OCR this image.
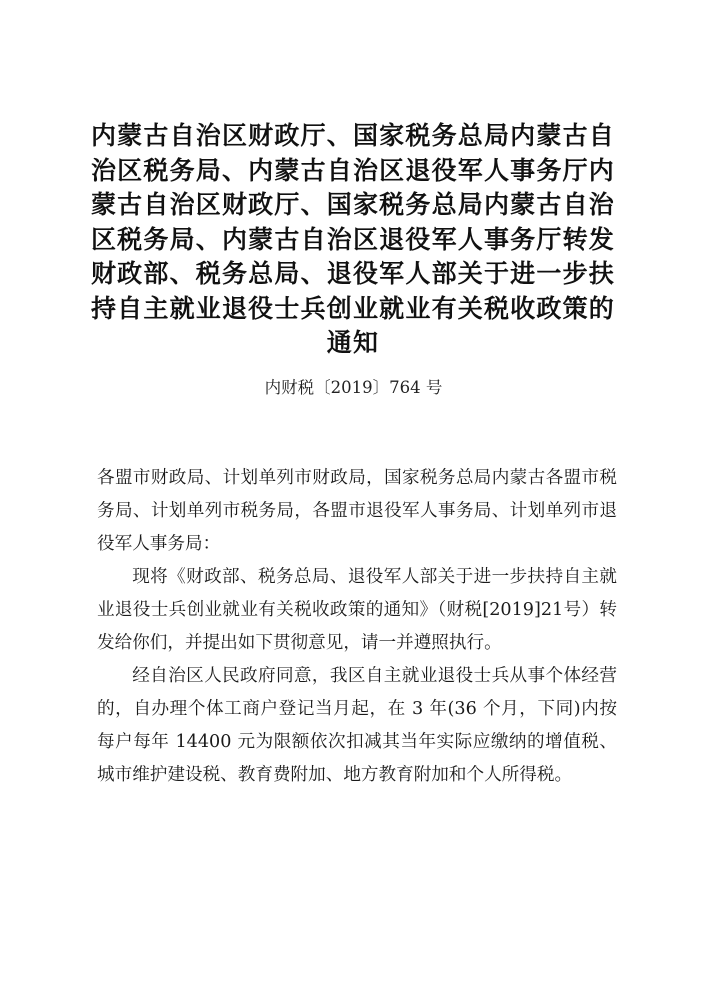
内蒙古自治区财政厅、国家税务总局内蒙古自治区税务局、内蒙古自治区退役军人事务厅内蒙古自治区财政厅、国家税务总局内蒙古自治区税务局、内蒙古自治区退役军人事务厅转发财政部、税务总局、退役军人部关于进一步扶持自主就业退役士兵创业就业有关税收政策的通知
内财税〔2019〕764 号

各盟市财政局、计划单列市财政局，国家税务总局内蒙古各盟市税务局、计划单列市税务局，各盟市退役军人事务局、计划单列市退役军人事务局：

现将《财政部、税务总局、退役军人部关于进一步扶持自主就业退役士兵创业就业有关税收政策的通知》（财税[2019]21号）转发给你们，并提出如下贯彻意见，请一并遵照执行。

经自治区人民政府同意，我区自主就业退役士兵从事个体经营的，自办理个体工商户登记当月起，在 3 年(36 个月，下同)内按每户每年 14400 元为限额依次扣减其当年实际应缴纳的增值税、城市维护建设税、教育费附加、地方教育附加和个人所得税。
